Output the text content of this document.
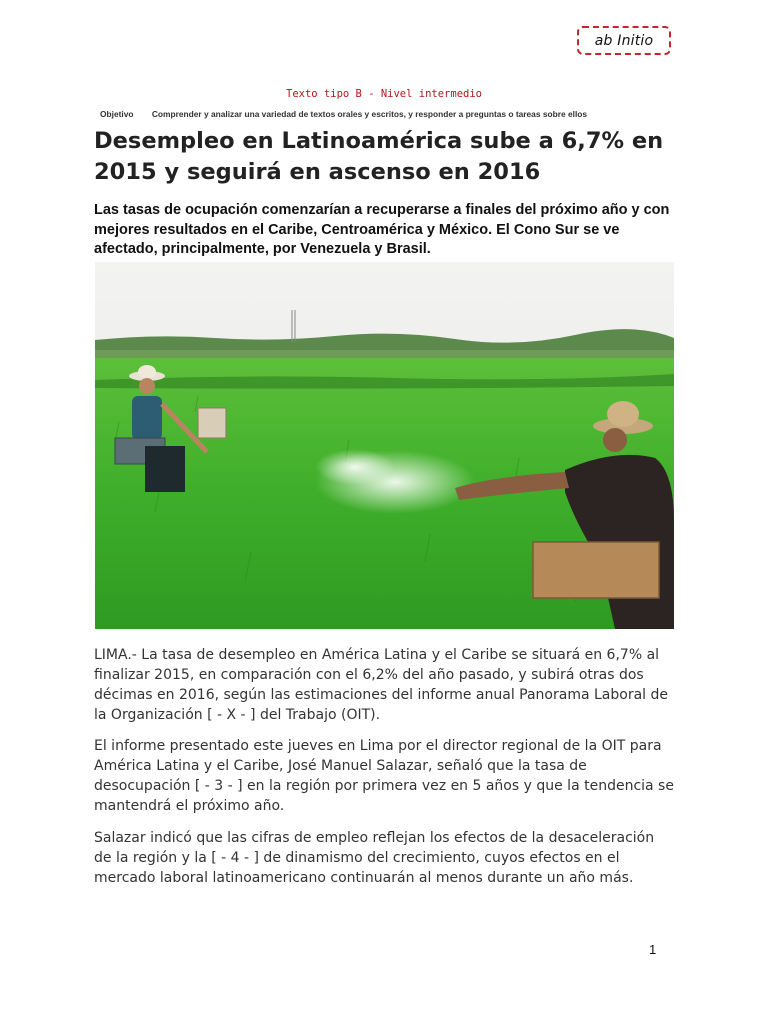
ab Initio
Texto tipo B - Nivel intermedio
Objetivo Comprender y analizar una variedad de textos orales y escritos, y responder a preguntas o tareas sobre ellos
Desempleo en Latinoamérica sube a 6,7% en 2015 y seguirá en ascenso en 2016

Las tasas de ocupación comenzarían a recuperarse a finales del próximo año y con mejores resultados en el Caribe, Centroamérica y México. El Cono Sur se ve afectado, principalmente, por Venezuela y Brasil.

LIMA.- La tasa de desempleo en América Latina y el Caribe se situará en 6,7% al finalizar 2015, en comparación con el 6,2% del año pasado, y subirá otras dos décimas en 2016, según las estimaciones del informe anual Panorama Laboral de la Organización [ - X - ] del Trabajo (OIT).

El informe presentado este jueves en Lima por el director regional de la OIT para América Latina y el Caribe, José Manuel Salazar, señaló que la tasa de desocupación [ - 3 - ] en la región por primera vez en 5 años y que la tendencia se mantendrá el próximo año.

Salazar indicó que las cifras de empleo reflejan los efectos de la desaceleración de la región y la [ - 4 - ] de dinamismo del crecimiento, cuyos efectos en el mercado laboral latinoamericano continuarán al menos durante un año más.

1
